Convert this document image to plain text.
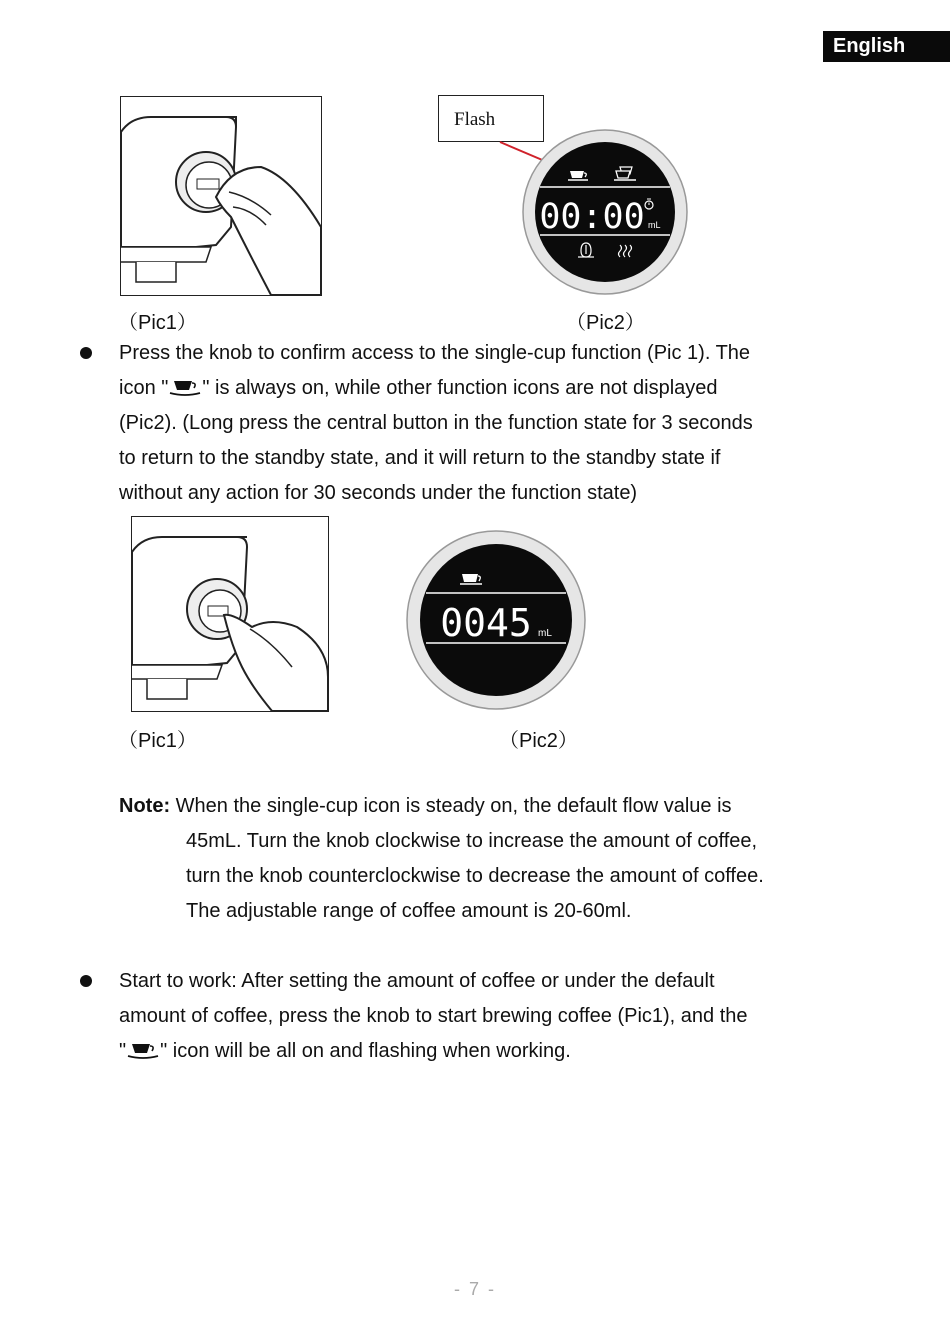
English
Flash
00:00 mL
（Pic1）	（Pic2）

Press the knob to confirm access to the single-cup function (Pic 1). The

icon " " is always on, while other function icons are not displayed

(Pic2). (Long press the central button in the function state for 3 seconds

to return to the standby state, and it will return to the standby state if

without any action for 30 seconds under the function state)

0045 mL
（Pic1）	（Pic2）

Note: When the single-cup icon is steady on, the default flow value is

45mL. Turn the knob clockwise to increase the amount of coffee,

turn the knob counterclockwise to decrease the amount of coffee.

The adjustable range of coffee amount is 20-60ml.

Start to work: After setting the amount of coffee or under the default

amount of coffee, press the knob to start brewing coffee (Pic1), and the

" " icon will be all on and flashing when working.

- 7 -
